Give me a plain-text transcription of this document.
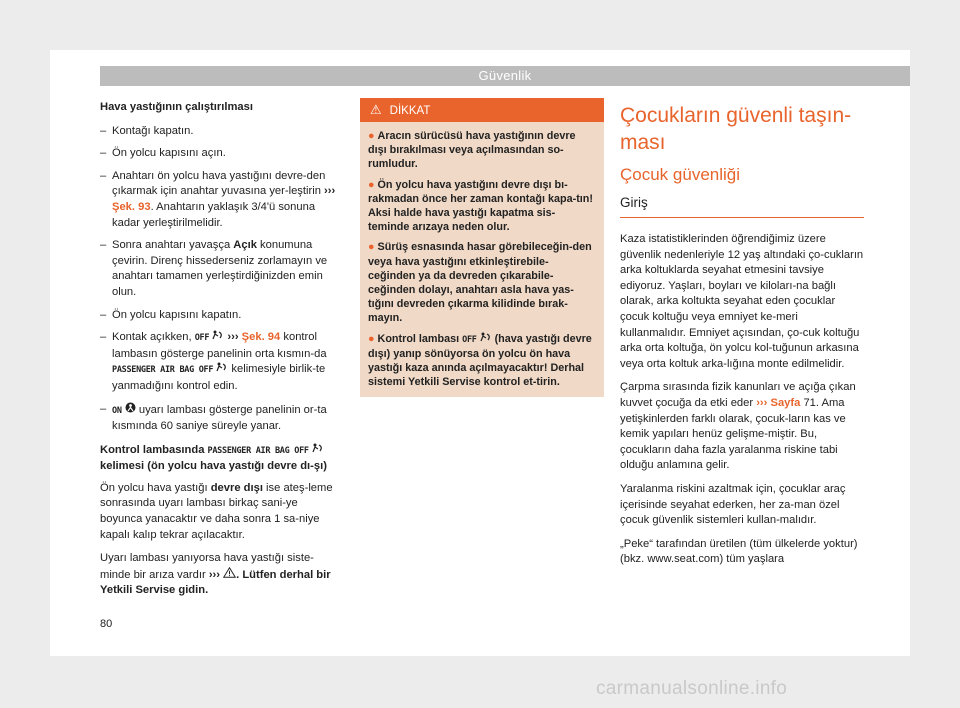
Güvenlik

Hava yastığının çalıştırılması

– Kontağı kapatın.
– Ön yolcu kapısını açın.
– Anahtarı ön yolcu hava yastığını devre-den çıkarmak için anahtar yuvasına yer-leştirin ››› Şek. 93. Anahtarın yaklaşık 3/4'ü sonuna kadar yerleştirilmelidir.
– Sonra anahtarı yavaşça Açık konumuna çevirin. Direnç hissederseniz zorlamayın ve anahtarı tamamen yerleştirdiğinizden emin olun.
– Ön yolcu kapısını kapatın.
– Kontak açıkken, OFF  ››› Şek. 94 kontrol lambasın gösterge panelinin orta kısmın-da PASSENGER AIR BAG OFF  kelimesiyle birlik-te yanmadığını kontrol edin.
– ON  uyarı lambası gösterge panelinin or-ta kısmında 60 saniye süreyle yanar.

Kontrol lambasında PASSENGER AIR BAG OFF  kelimesi (ön yolcu hava yastığı devre dı-şı)

Ön yolcu hava yastığı devre dışı ise ateş-leme sonrasında uyarı lambası birkaç sani-ye boyunca yanacaktır ve daha sonra 1 sa-niye kapalı kalıp tekrar açılacaktır.

Uyarı lambası yanıyorsa hava yastığı siste-minde bir arıza vardır ››› . Lütfen derhal bir Yetkili Servise gidin.

⚠ DİKKAT

● Aracın sürücüsü hava yastığının devre dışı bırakılması veya açılmasından so-rumludur.

● Ön yolcu hava yastığını devre dışı bı-rakmadan önce her zaman kontağı kapa-tın! Aksi halde hava yastığı kapatma sis-teminde arızaya neden olur.

● Sürüş esnasında hasar görebileceğin-den veya hava yastığını etkinleştirebile-ceğinden ya da devreden çıkarabile-ceğinden dolayı, anahtarı asla hava yas-tığını devreden çıkarma kilidinde bırak-mayın.

● Kontrol lambası OFF  (hava yastığı devre dışı) yanıp sönüyorsa ön yolcu ön hava yastığı kaza anında açılmayacaktır! Derhal sistemi Yetkili Servise kontrol et-tirin.

Çocukların güvenli taşın-ması
Çocuk güvenliği
Giriş

Kaza istatistiklerinden öğrendiğimiz üzere güvenlik nedenleriyle 12 yaş altındaki ço-cukların arka koltuklarda seyahat etmesini tavsiye ediyoruz. Yaşları, boyları ve kiloları-na bağlı olarak, arka koltukta seyahat eden çocuklar çocuk koltuğu veya emniyet ke-meri kullanmalıdır. Emniyet açısından, ço-cuk koltuğu arka orta koltuğa, ön yolcu kol-tuğunun arkasına veya orta koltuk arka-lığına monte edilmelidir.

Çarpma sırasında fizik kanunları ve açığa çıkan kuvvet çocuğa da etki eder ››› Sayfa 71. Ama yetişkinlerden farklı olarak, çocuk-ların kas ve kemik yapıları henüz gelişme-miştir. Bu, çocukların daha fazla yaralanma riskine tabi olduğu anlamına gelir.

Yaralanma riskini azaltmak için, çocuklar araç içerisinde seyahat ederken, her za-man özel çocuk güvenlik sistemleri kullan-malıdır.

„Peke“ tarafından üretilen (tüm ülkelerde yoktur) (bkz. www.seat.com) tüm yaşlara

80
carmanualsonline.info
